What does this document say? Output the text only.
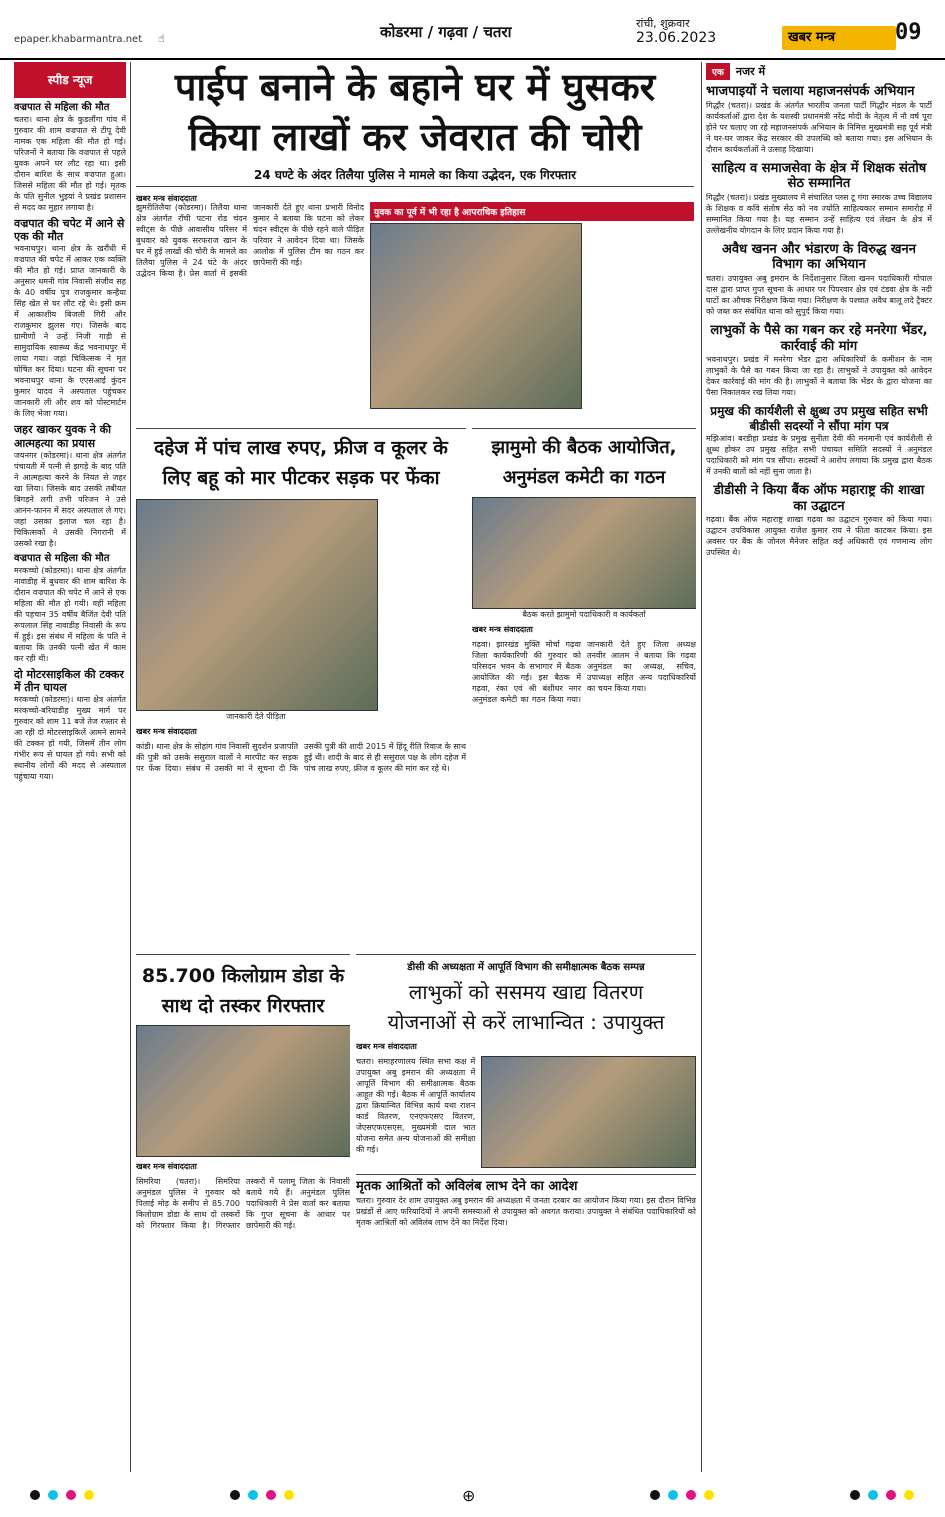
epaper.khabarmantra.net ☝	कोडरमा / गढ़वा / चतरा	रांची, शुक्रवार
23.06.2023	खबर मन्त्र	09
स्पीड न्यूज
वज्रपात से महिला की मौत
चतरा। थाना क्षेत्र के कुडलौंगा गांव में गुरुवार की शाम वज्रपात से टीपू देवी नामक एक महिला की मौत हो गई। परिजनों ने बताया कि वज्रपात से पहले युवक अपने घर लौट रहा था। इसी दौरान बारिश के साथ वज्रपात हुआ। जिससे महिला की मौत हो गई। मृतक के पति सुनील भुइयां ने प्रखंड प्रशासन से मदद का मुहार लगाया है।
वज्रपात की चपेट में आने से एक की मौत
भवनाथपुर। थाना क्षेत्र के खरौंधी में वज्रपात की चपेट में आकर एक व्यक्ति की मौत हो गई। प्राप्त जानकारी के अनुसार धमनी गांव निवासी संजीव सह के 40 वर्षीय पुत्र राजकुमार कन्हैया सिंह खेत से घर लौट रहे थे। इसी क्रम में आकाशीय बिजली गिरी और राजकुमार झुलस गए। जिसके बाद ग्रामीणों ने उन्हें निजी गाड़ी से सामुदायिक स्वास्थ्य केंद्र भवनाथपुर में लाया गया। जहां चिकित्सक ने मृत घोषित कर दिया। घटना की सूचना पर भवनाथपुर थाना के एएसआई कुंदन कुमार यादव ने अस्पताल पहुंचकर जानकारी ली और शव को पोस्टमार्टम के लिए भेजा गया।
जहर खाकर युवक ने की आत्महत्या का प्रयास
जयनगर (कोडरमा)। थाना क्षेत्र अंतर्गत पंचायती में पत्नी से झगड़े के बाद पति ने आत्महत्या करने के नियत से जहर खा लिया। जिसके बाद उसकी तबीयत बिगड़ने लगी तभी परिजन ने उसे आनन-फानन में सदर अस्पताल ले गए। जहां उसका इलाज चल रहा है। चिकित्सकों ने उसकी निगरानी में उसको रखा है।
वज्रपात से महिला की मौत
मरकच्चो (कोडरमा)। थाना क्षेत्र अंतर्गत नावाडीह में बुधवार की शाम बारिश के दौरान वज्रपात की चपेट में आने से एक महिला की मौत हो गयी। वहीं महिला की पहचान 35 वर्षीय बैजिंत देवी पति रूपलाल सिंह नावाडीह निवासी के रूप में हुई। इस संबंध में महिला के पति ने बताया कि उनकी पत्नी खेत में काम कर रही थी।
दो मोटरसाइकिल की टक्कर में तीन घायल
मरकच्चो (कोडरमा)। थाना क्षेत्र अंतर्गत मरकच्चो-बरियाडीह मुख्य मार्ग पर गुरुवार को शाम 11 बजे तेज रफ्तार से आ रही दो मोटरसाइकिलें आमने सामने की टक्कर हो गयी, जिसमें तीन लोग गंभीर रूप से घायल हो गये। सभी को स्थानीय लोगों की मदद से अस्पताल पहुंचाया गया।
पाईप बनाने के बहाने घर में घुसकर
किया लाखों कर जेवरात की चोरी
24 घण्टे के अंदर तिलैया पुलिस ने मामले का किया उद्भेदन, एक गिरफ्तार
खबर मन्त्र संवाददाता
झुमरीतिलैया (कोडरमा)। तिलैया थाना क्षेत्र अंतर्गत राँची पटना रोड चंदन स्वीट्स के पीछे आवासीय परिसर में बुधवार को युवक सरफराज खान के घर में हुई लाखों की चोरी के मामले का तिलैया पुलिस ने 24 घंटे के अंदर उद्भेदन किया है। प्रेस वार्ता में इसकी जानकारी देते हुए थाना प्रभारी विनोद कुमार ने बताया कि घटना को लेकर चंदन स्वीट्स के पीछे रहने वाले पीड़ित परिवार ने आवेदन दिया था। जिसके आलोक में पुलिस टीम का गठन कर छापेमारी की गई।
युवक का पूर्व में भी रहा है आपराधिक इतिहास
एक	नजर में
भाजपाइयों ने चलाया महाजनसंपर्क अभियान
गिद्धौर (चतरा)। प्रखंड के अंतर्गत भारतीय जनता पार्टी गिद्धौर मंडल के पार्टी कार्यकर्ताओं द्वारा देश के यशस्वी प्रधानमंत्री नरेंद्र मोदी के नेतृत्व में नौ वर्ष पूरा होने पर चलाए जा रहे महाजनसंपर्क अभियान के निमित्त मुख्यमंत्री सह पूर्व मंत्री ने घर-घर जाकर केंद्र सरकार की उपलब्धि को बताया गया। इस अभियान के दौरान कार्यकर्ताओं ने उत्साह दिखाया।
साहित्य व समाजसेवा के क्षेत्र में शिक्षक संतोष सेठ सम्मानित
गिद्धौर (चतरा)। प्रखंड मुख्यालय में संचालित प्लस टू गंगा स्मारक उच्च विद्यालय के शिक्षक व कवि संतोष सेठ को नव ज्योति साहित्यकार सम्मान समारोह में सम्मानित किया गया है। यह सम्मान उन्हें साहित्य एवं लेखन के क्षेत्र में उल्लेखनीय योगदान के लिए प्रदान किया गया है।
अवैध खनन और भंडारण के विरुद्ध खनन विभाग का अभियान
चतरा। उपायुक्त अबु इमरान के निर्देशानुसार जिला खनन पदाधिकारी गोपाल दास द्वारा प्राप्त गुप्त सूचना के आधार पर पिपरवार क्षेत्र एवं टंडवा क्षेत्र के नदी घाटों का औचक निरीक्षण किया गया। निरीक्षण के पश्चात अवैध बालू लदे ट्रैक्टर को जब्त कर संबंधित थाना को सुपुर्द किया गया।
लाभुकों के पैसे का गबन कर रहे मनरेगा भेंडर, कार्रवाई की मांग
भवनाथपुर। प्रखंड में मनरेगा भेंडर द्वारा अधिकारियों के कमीशन के नाम लाभुकों के पैसे का गबन किया जा रहा है। लाभुकों ने उपायुक्त को आवेदन देकर कार्रवाई की मांग की है। लाभुकों ने बताया कि भेंडर के द्वारा योजना का पैसा निकालकर रख लिया गया।
प्रमुख की कार्यशैली से क्षुब्ध उप प्रमुख सहित सभी बीडीसी सदस्यों ने सौंपा मांग पत्र
मझिआंव। बरडीहा प्रखंड के प्रमुख सुनीता देवी की मनमानी एवं कार्यशैली से क्षुब्ध होकर उप प्रमुख सहित सभी पंचायत समिति सदस्यों ने अनुमंडल पदाधिकारी को मांग पत्र सौंपा। सदस्यों ने आरोप लगाया कि प्रमुख द्वारा बैठक में उनकी बातों को नहीं सुना जाता है।
डीडीसी ने किया बैंक ऑफ महाराष्ट्र की शाखा का उद्घाटन
गढ़वा। बैंक ऑफ महाराष्ट्र शाखा गढ़वा का उद्घाटन गुरुवार को किया गया। उद्घाटन उपविकास आयुक्त राजेश कुमार राय ने फीता काटकर किया। इस अवसर पर बैंक के जोनल मैनेजर सहित कई अधिकारी एवं गणमान्य लोग उपस्थित थे।
दहेज में पांच लाख रुपए, फ्रीज व कूलर के
लिए बहू को मार पीटकर सड़क पर फेंका
जानकारी देते पीड़िता
खबर मन्त्र संवाददाता
कांडी। थाना क्षेत्र के सोहांग गांव निवासी सुदर्शन प्रजापति की पुत्री को उसके ससुराल वालों ने मारपीट कर सड़क पर फेंक दिया। संबंध में उसकी मां ने सूचना दी कि उसकी पुत्री की शादी 2015 में हिंदू रीति रिवाज के साथ हुई थी। शादी के बाद से ही ससुराल पक्ष के लोग दहेज में पांच लाख रुपए, फ्रीज व कूलर की मांग कर रहे थे।
झामुमो की बैठक आयोजित,
अनुमंडल कमेटी का गठन
बैठक करते झामुमो पदाधिकारी व कार्यकर्ता
खबर मन्त्र संवाददाता
गढ़वा। झारखंड मुक्ति मोर्चा गढ़वा जिला कार्यकारिणी की गुरुवार को परिसदन भवन के सभागार में बैठक आयोजित की गई। इस बैठक में गढ़वा, रंका एवं श्री बंशीधर नगर अनुमंडल कमेटी का गठन किया गया। जानकारी देते हुए जिला अध्यक्ष तनवीर आलम ने बताया कि गढ़वा अनुमंडल का अध्यक्ष, सचिव, उपाध्यक्ष सहित अन्य पदाधिकारियों का चयन किया गया।
85.700 किलोग्राम डोडा के
साथ दो तस्कर गिरफ्तार
खबर मन्त्र संवाददाता
सिमरिया (चतरा)। सिमरिया अनुमंडल पुलिस ने गुरुवार को पिलाई मोड़ के समीप से 85.700 किलोग्राम डोडा के साथ दो तस्करों को गिरफ्तार किया है। गिरफ्तार तस्करों में पलामू जिला के निवासी बताये गये हैं। अनुमंडल पुलिस पदाधिकारी ने प्रेस वार्ता कर बताया कि गुप्त सूचना के आधार पर छापेमारी की गई।
डीसी की अध्यक्षता में आपूर्ति विभाग की समीक्षात्मक बैठक सम्पन्न
लाभुकों को ससमय खाद्य वितरण
योजनाओं से करें लाभान्वित : उपायुक्त
खबर मन्त्र संवाददाता
चतरा। समाहरणालय स्थित सभा कक्ष में उपायुक्त अबु इमरान की अध्यक्षता में आपूर्ति विभाग की समीक्षात्मक बैठक आहूत की गई। बैठक में आपूर्ति कार्यालय द्वारा क्रियान्वित विभिन्न कार्य यथा राशन कार्ड वितरण, एनएफएसए वितरण, जेएसएफएसएस, मुख्यमंत्री दाल भात योजना समेत अन्य योजनाओं की समीक्षा की गई।
मृतक आश्रितों को अविलंब लाभ देने का आदेश
चतरा। गुरुवार देर शाम उपायुक्त अबु इमरान की अध्यक्षता में जनता दरबार का आयोजन किया गया। इस दौरान विभिन्न प्रखंडों से आए फरियादियों ने अपनी समस्याओं से उपायुक्त को अवगत कराया। उपायुक्त ने संबंधित पदाधिकारियों को मृतक आश्रितों को अविलंब लाभ देने का निर्देश दिया।
⊕
